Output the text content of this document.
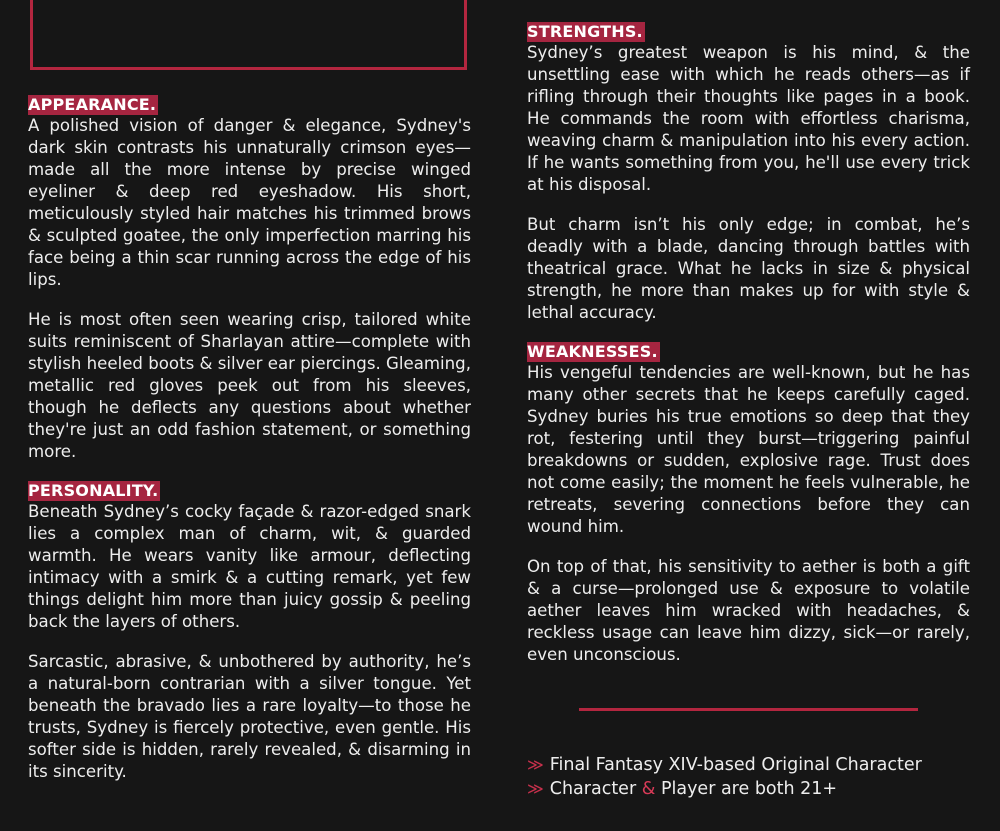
APPEARANCE.

A polished vision of danger & elegance, Sydney's dark skin contrasts his unnaturally crimson eyes—made all the more intense by precise winged eyeliner & deep red eyeshadow. His short, meticulously styled hair matches his trimmed brows & sculpted goatee, the only imperfection marring his face being a thin scar running across the edge of his lips.

He is most often seen wearing crisp, tailored white suits reminiscent of Sharlayan attire—complete with stylish heeled boots & silver ear piercings. Gleaming, metallic red gloves peek out from his sleeves, though he deflects any questions about whether they're just an odd fashion statement, or something more.

PERSONALITY.

Beneath Sydney’s cocky façade & razor-edged snark lies a complex man of charm, wit, & guarded warmth. He wears vanity like armour, deflecting intimacy with a smirk & a cutting remark, yet few things delight him more than juicy gossip & peeling back the layers of others.

Sarcastic, abrasive, & unbothered by authority, he’s a natural-born contrarian with a silver tongue. Yet beneath the bravado lies a rare loyalty—to those he trusts, Sydney is fiercely protective, even gentle. His softer side is hidden, rarely revealed, & disarming in its sincerity.

STRENGTHS.

Sydney’s greatest weapon is his mind, & the unsettling ease with which he reads others—as if rifling through their thoughts like pages in a book. He commands the room with effortless charisma, weaving charm & manipulation into his every action. If he wants something from you, he'll use every trick at his disposal.

But charm isn’t his only edge; in combat, he’s deadly with a blade, dancing through battles with theatrical grace. What he lacks in size & physical strength, he more than makes up for with style & lethal accuracy.

WEAKNESSES.

His vengeful tendencies are well-known, but he has many other secrets that he keeps carefully caged. Sydney buries his true emotions so deep that they rot, festering until they burst—triggering painful breakdowns or sudden, explosive rage. Trust does not come easily; the moment he feels vulnerable, he retreats, severing connections before they can wound him.

On top of that, his sensitivity to aether is both a gift & a curse—prolonged use & exposure to volatile aether leaves him wracked with headaches, & reckless usage can leave him dizzy, sick—or rarely, even unconscious.

≫ Final Fantasy XIV-based Original Character
≫ Character & Player are both 21+
